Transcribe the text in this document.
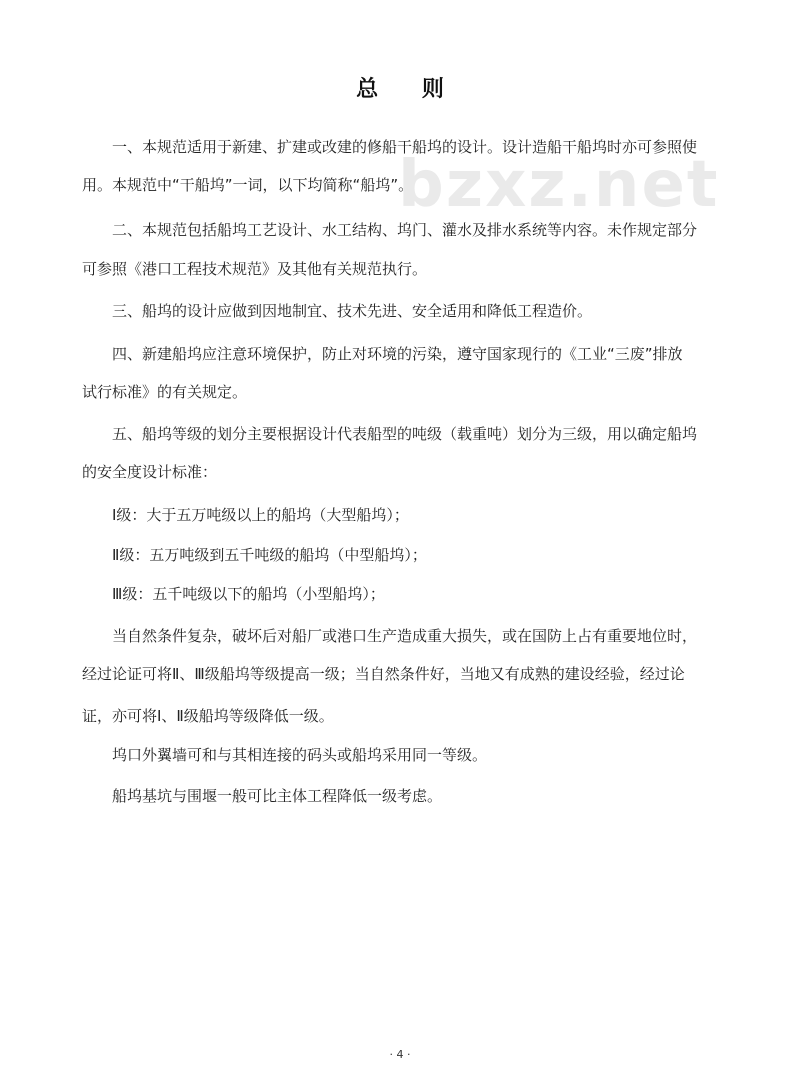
bzxz.net
总 则
一、本规范适用于新建、扩建或改建的修船干船坞的设计。设计造船干船坞时亦可参照使
用。本规范中“干船坞”一词，以下均简称“船坞”。
二、本规范包括船坞工艺设计、水工结构、坞门、灌水及排水系统等内容。未作规定部分
可参照《港口工程技术规范》及其他有关规范执行。
三、船坞的设计应做到因地制宜、技术先进、安全适用和降低工程造价。
四、新建船坞应注意环境保护，防止对环境的污染，遵守国家现行的《工业“三废”排放
试行标准》的有关规定。
五、船坞等级的划分主要根据设计代表船型的吨级（载重吨）划分为三级，用以确定船坞
的安全度设计标准：
Ⅰ级：大于五万吨级以上的船坞（大型船坞）；
Ⅱ级：五万吨级到五千吨级的船坞（中型船坞）；
Ⅲ级：五千吨级以下的船坞（小型船坞）；
当自然条件复杂，破坏后对船厂或港口生产造成重大损失，或在国防上占有重要地位时，
经过论证可将Ⅱ、Ⅲ级船坞等级提高一级；当自然条件好，当地又有成熟的建设经验，经过论
证，亦可将Ⅰ、Ⅱ级船坞等级降低一级。
坞口外翼墙可和与其相连接的码头或船坞采用同一等级。
船坞基坑与围堰一般可比主体工程降低一级考虑。
· 4 ·
